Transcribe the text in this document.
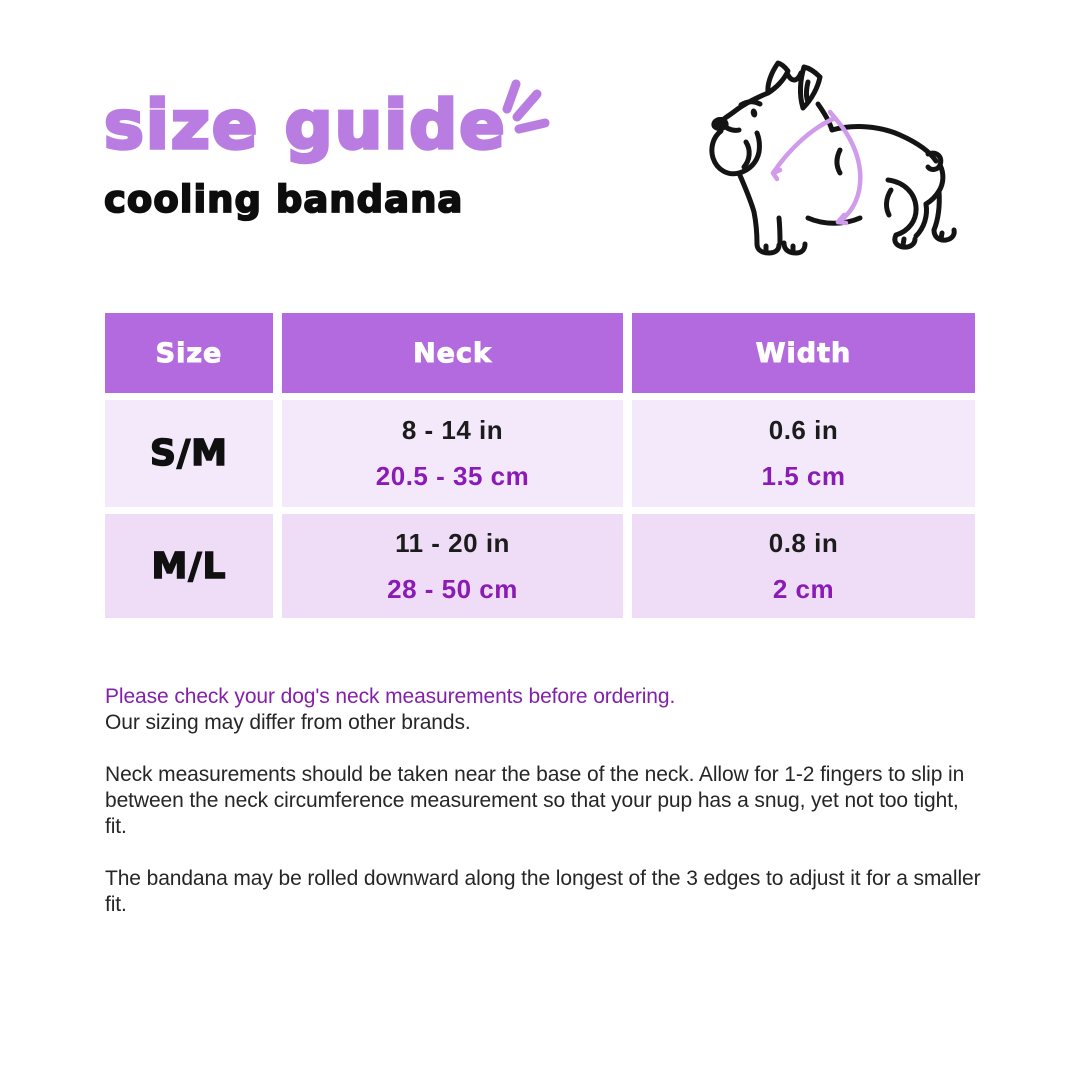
size guide
cooling bandana
Size	Neck	Width
S/M
8 - 14 in
20.5 - 35 cm
0.6 in
1.5 cm
M/L
11 - 20 in
28 - 50 cm
0.8 in
2 cm

Please check your dog's neck measurements before ordering.

Our sizing may differ from other brands.

Neck measurements should be taken near the base of the neck. Allow for 1-2 fingers to slip in between the neck circumference measurement so that your pup has a snug, yet not too tight, fit.

The bandana may be rolled downward along the longest of the 3 edges to adjust it for a smaller fit.
